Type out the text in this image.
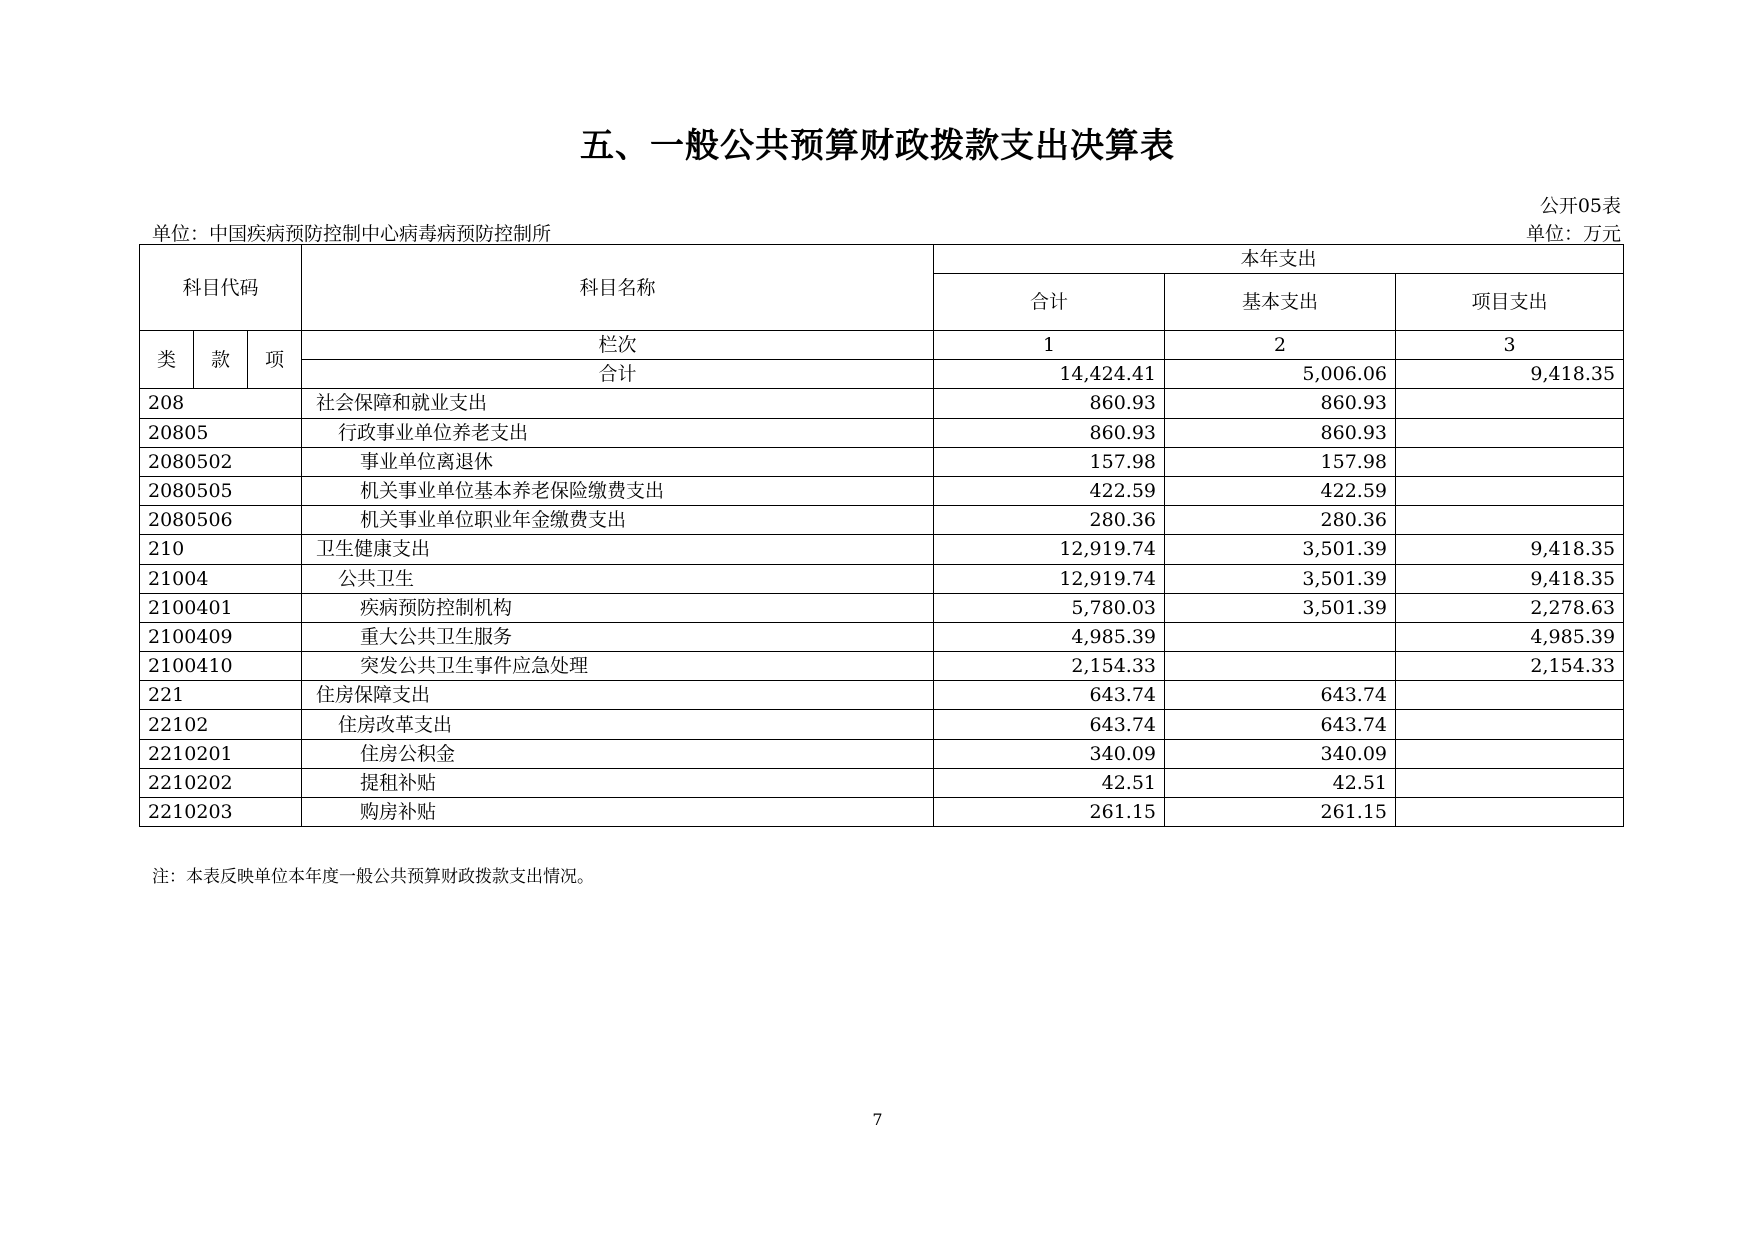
五、一般公共预算财政拨款支出决算表
公开05表
单位：中国疾病预防控制中心病毒病预防控制所	单位：万元
科目代码			科目名称	本年支出		
				合计	基本支出	项目支出
类	款	项	栏次	1	2	3
			合计	14,424.41	5,006.06	9,418.35
208			社会保障和就业支出	860.93	860.93	
20805			行政事业单位养老支出	860.93	860.93	
2080502			事业单位离退休	157.98	157.98	
2080505			机关事业单位基本养老保险缴费支出	422.59	422.59	
2080506			机关事业单位职业年金缴费支出	280.36	280.36	
210			卫生健康支出	12,919.74	3,501.39	9,418.35
21004			公共卫生	12,919.74	3,501.39	9,418.35
2100401			疾病预防控制机构	5,780.03	3,501.39	2,278.63
2100409			重大公共卫生服务	4,985.39		4,985.39
2100410			突发公共卫生事件应急处理	2,154.33		2,154.33
221			住房保障支出	643.74	643.74	
22102			住房改革支出	643.74	643.74	
2210201			住房公积金	340.09	340.09	
2210202			提租补贴	42.51	42.51	
2210203			购房补贴	261.15	261.15	
注：本表反映单位本年度一般公共预算财政拨款支出情况。
7
